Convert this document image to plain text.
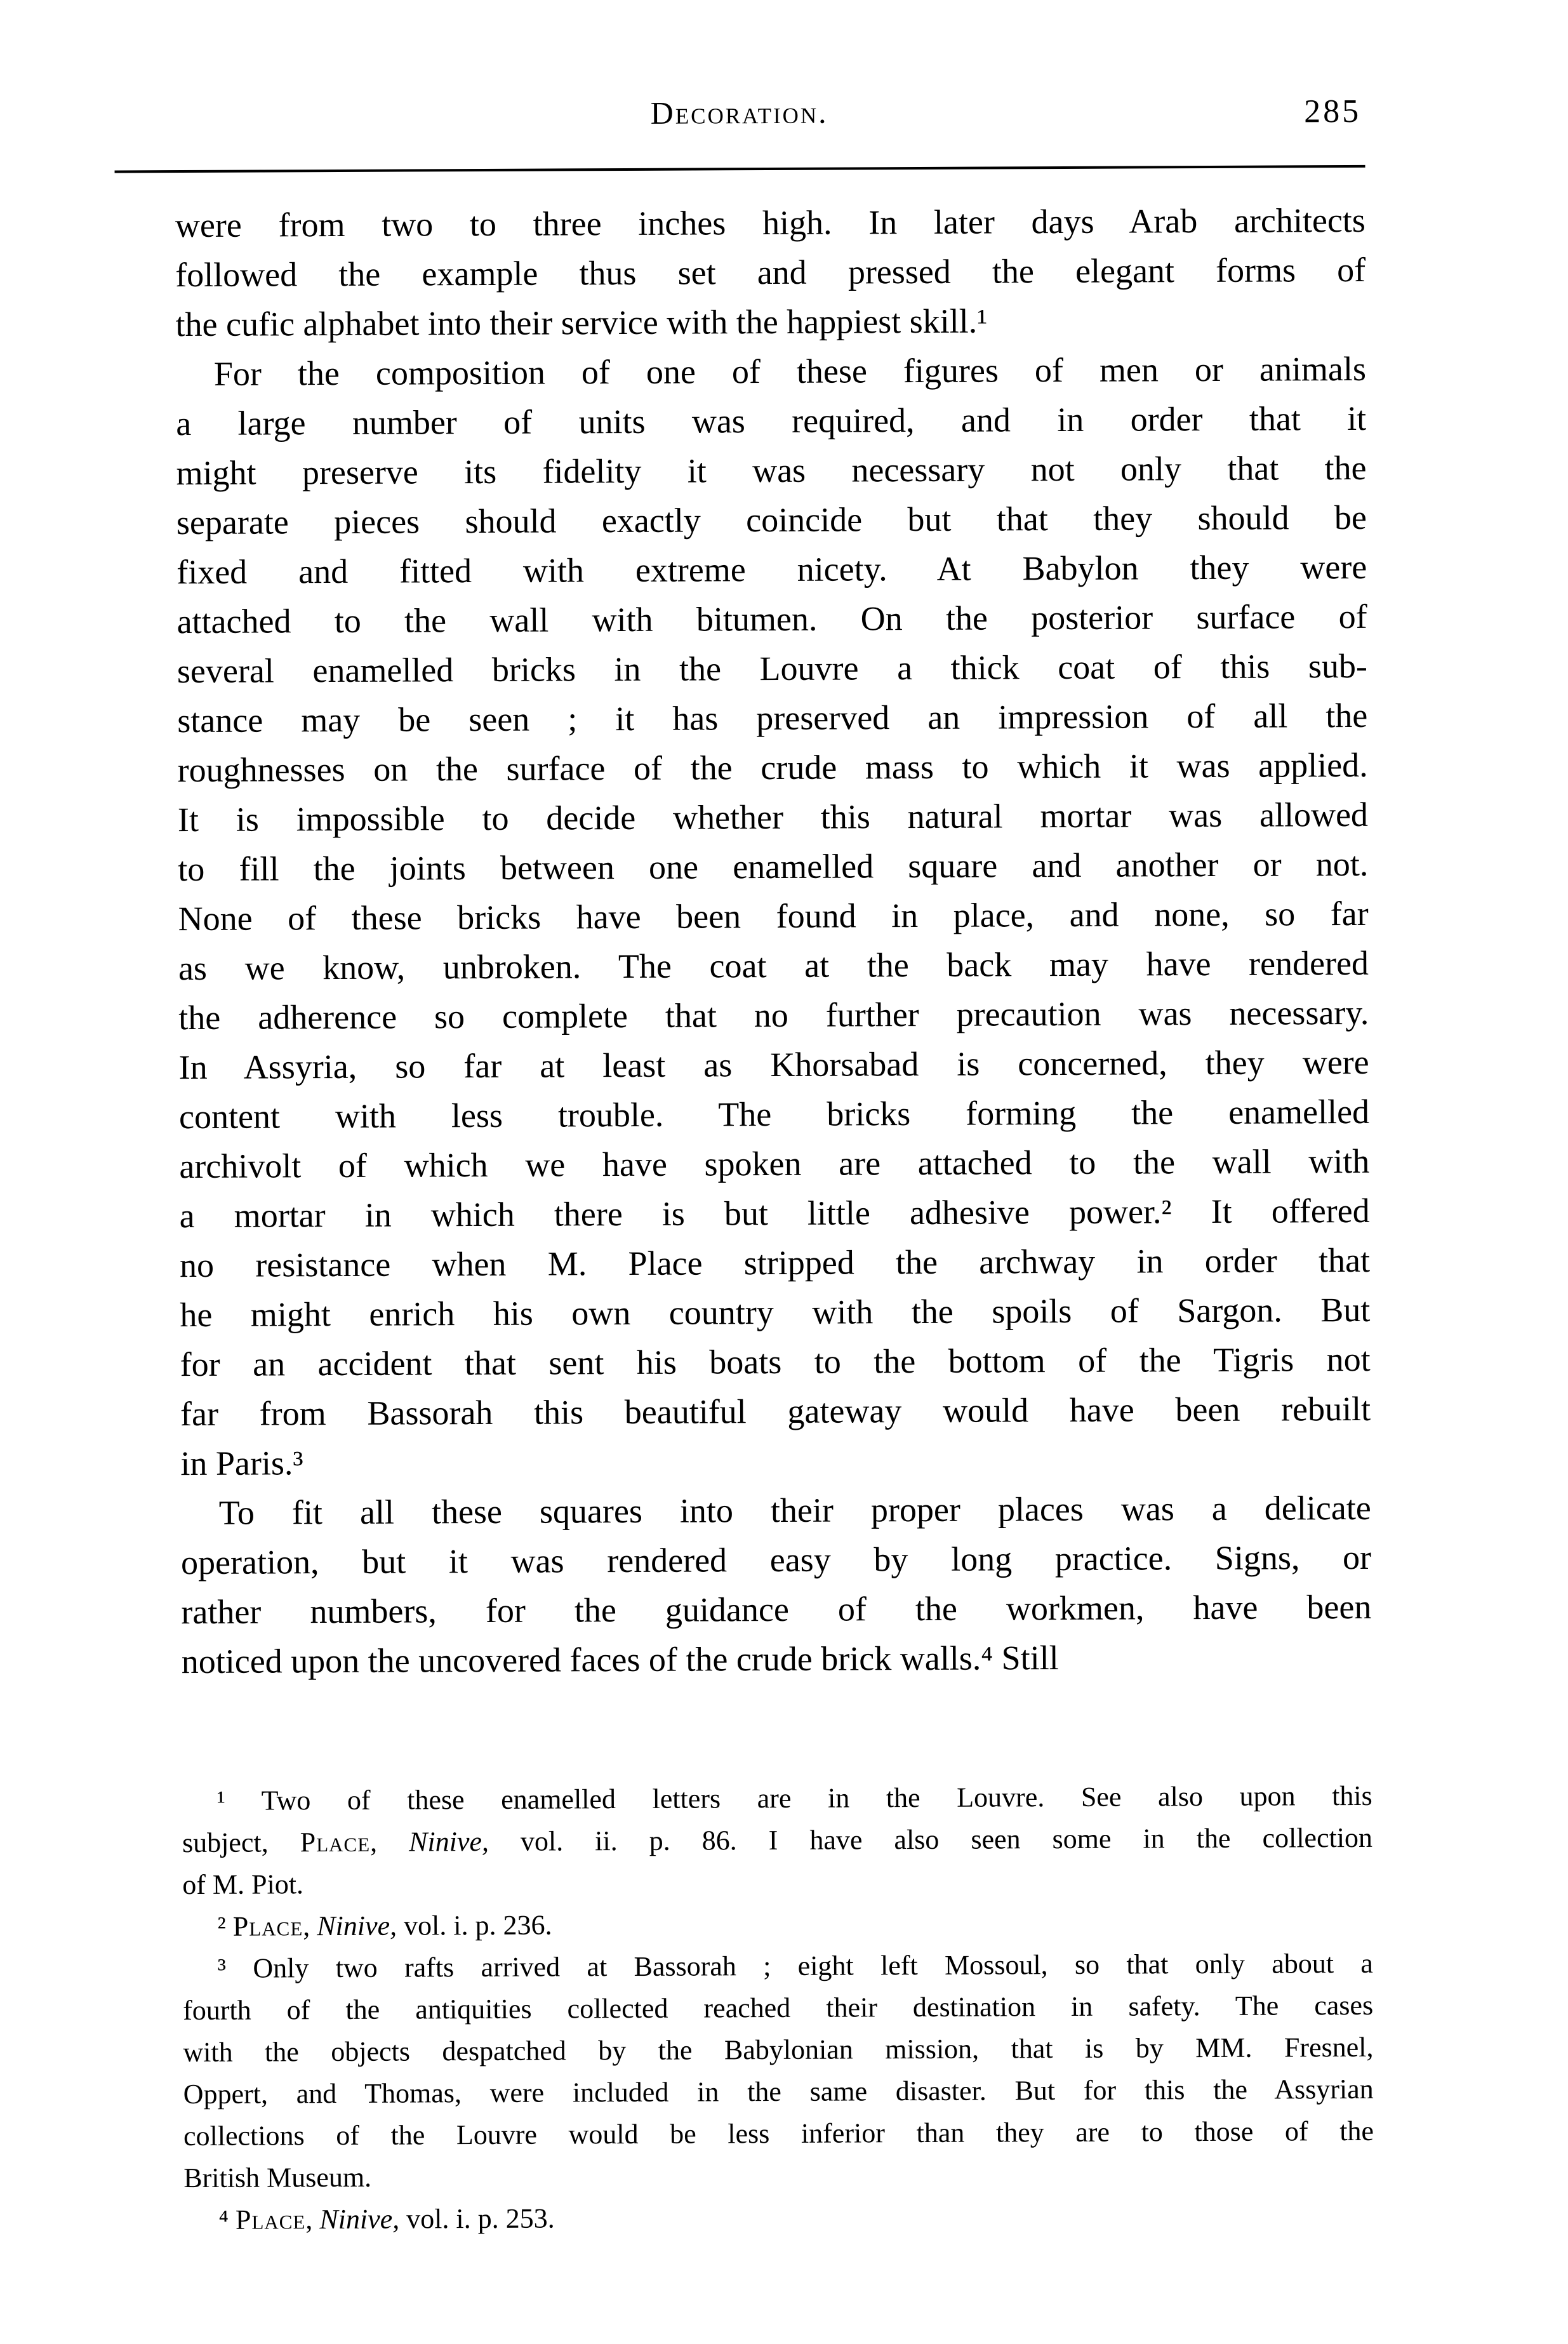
Decoration.	285
were from two to three inches high. In later days Arab architects
followed the example thus set and pressed the elegant forms of
the cufic alphabet into their service with the happiest skill.¹
For the composition of one of these figures of men or animals
a large number of units was required, and in order that it
might preserve its fidelity it was necessary not only that the
separate pieces should exactly coincide but that they should be
fixed and fitted with extreme nicety. At Babylon they were
attached to the wall with bitumen. On the posterior surface of
several enamelled bricks in the Louvre a thick coat of this sub-
stance may be seen ; it has preserved an impression of all the
roughnesses on the surface of the crude mass to which it was applied.
It is impossible to decide whether this natural mortar was allowed
to fill the joints between one enamelled square and another or not.
None of these bricks have been found in place, and none, so far
as we know, unbroken. The coat at the back may have rendered
the adherence so complete that no further precaution was necessary.
In Assyria, so far at least as Khorsabad is concerned, they were
content with less trouble. The bricks forming the enamelled
archivolt of which we have spoken are attached to the wall with
a mortar in which there is but little adhesive power.² It offered
no resistance when M. Place stripped the archway in order that
he might enrich his own country with the spoils of Sargon. But
for an accident that sent his boats to the bottom of the Tigris not
far from Bassorah this beautiful gateway would have been rebuilt
in Paris.³
To fit all these squares into their proper places was a delicate
operation, but it was rendered easy by long practice. Signs, or
rather numbers, for the guidance of the workmen, have been
noticed upon the uncovered faces of the crude brick walls.⁴ Still
¹ Two of these enamelled letters are in the Louvre. See also upon this
subject, Place, Ninive, vol. ii. p. 86. I have also seen some in the collection
of M. Piot.
² Place, Ninive, vol. i. p. 236.
³ Only two rafts arrived at Bassorah ; eight left Mossoul, so that only about a
fourth of the antiquities collected reached their destination in safety. The cases
with the objects despatched by the Babylonian mission, that is by MM. Fresnel,
Oppert, and Thomas, were included in the same disaster. But for this the Assyrian
collections of the Louvre would be less inferior than they are to those of the
British Museum.
⁴ Place, Ninive, vol. i. p. 253.
